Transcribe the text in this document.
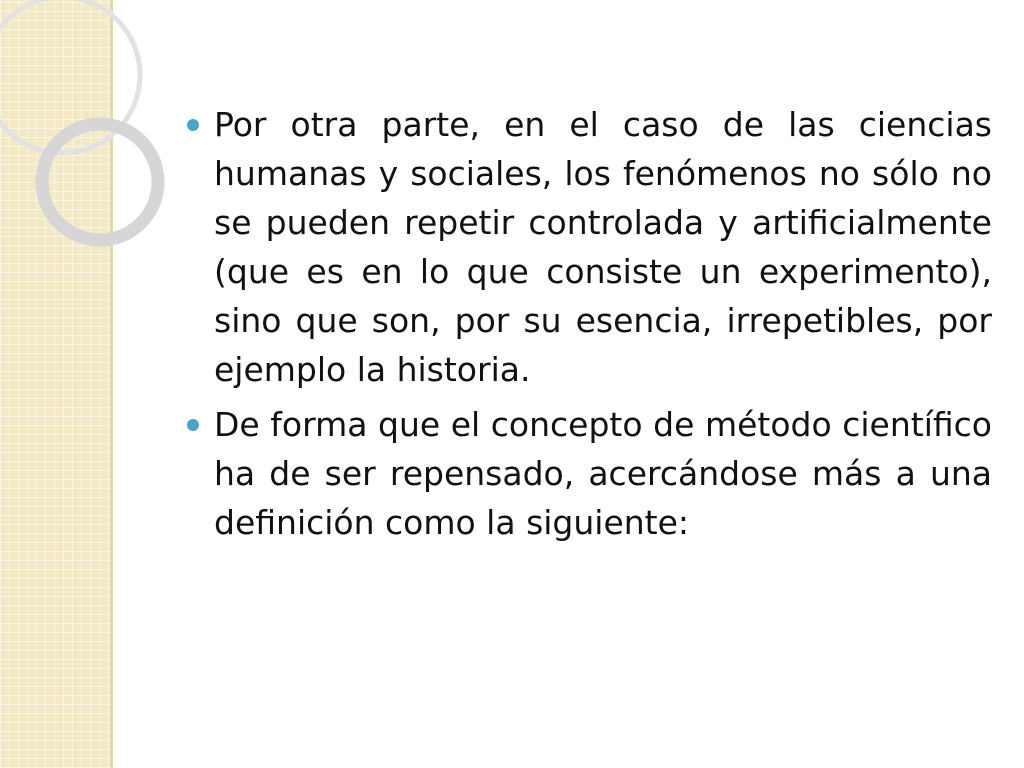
Por otra parte, en el caso de las ciencias humanas y sociales, los fenómenos no sólo no se pueden repetir controlada y artificialmente (que es en lo que consiste un experimento), sino que son, por su esencia, irrepetibles, por ejemplo la historia.

De forma que el concepto de método científico ha de ser repensado, acercándose más a una definición como la siguiente:
